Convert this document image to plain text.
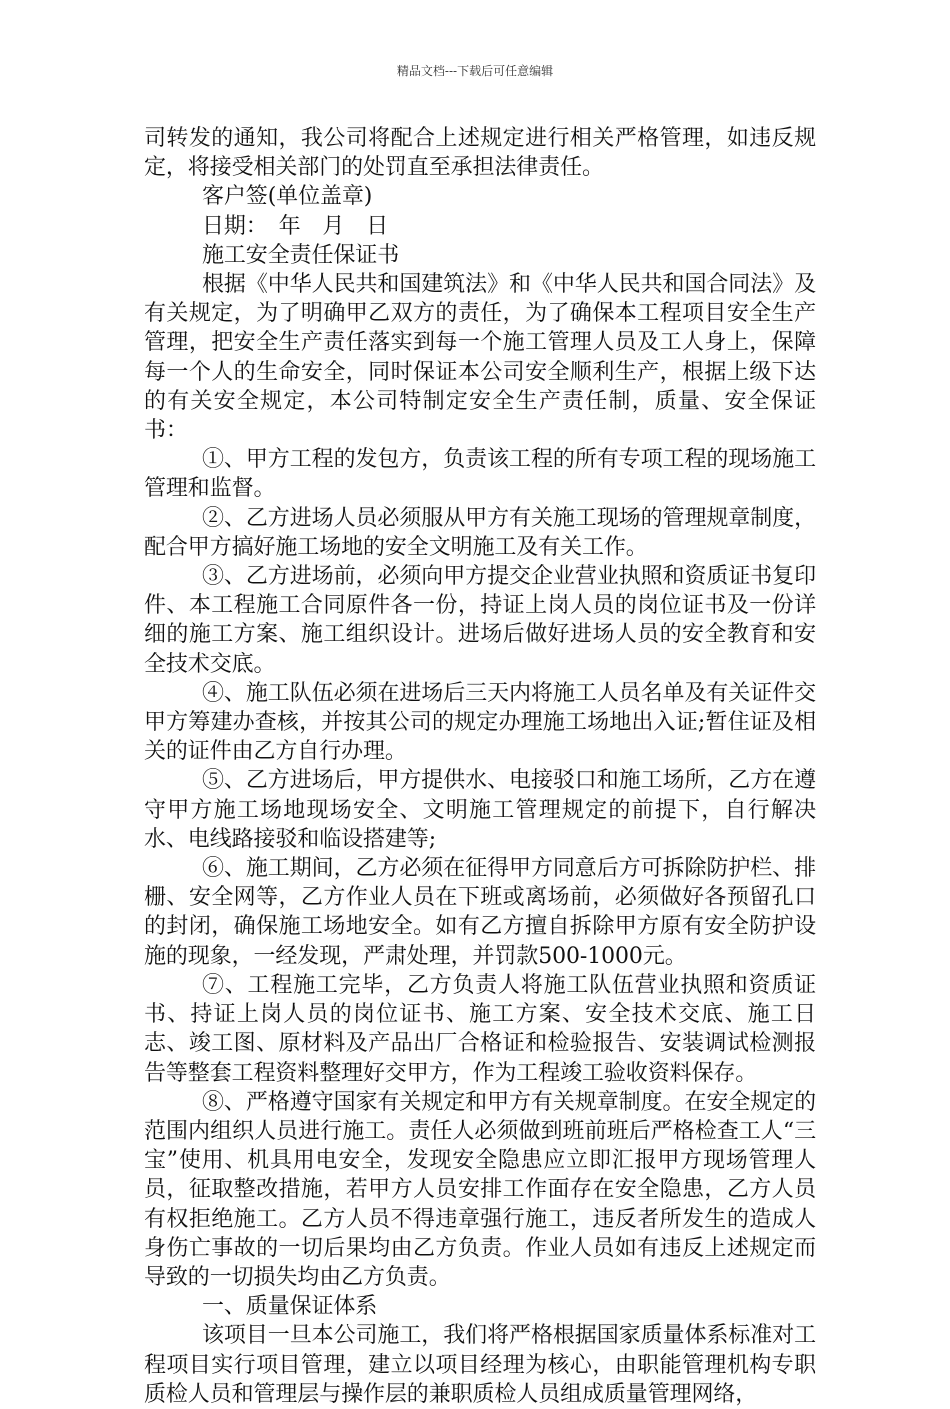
精品文档---下载后可任意编辑

司转发的通知，我公司将配合上述规定进行相关严格管理，如违反规定，将接受相关部门的处罚直至承担法律责任。

客户签(单位盖章)

日期：　年　月　日

施工安全责任保证书

根据《中华人民共和国建筑法》和《中华人民共和国合同法》及有关规定，为了明确甲乙双方的责任，为了确保本工程项目安全生产管理，把安全生产责任落实到每一个施工管理人员及工人身上，保障每一个人的生命安全，同时保证本公司安全顺利生产，根据上级下达的有关安全规定，本公司特制定安全生产责任制，质量、安全保证书：

①、甲方工程的发包方，负责该工程的所有专项工程的现场施工管理和监督。

②、乙方进场人员必须服从甲方有关施工现场的管理规章制度，配合甲方搞好施工场地的安全文明施工及有关工作。

③、乙方进场前，必须向甲方提交企业营业执照和资质证书复印件、本工程施工合同原件各一份，持证上岗人员的岗位证书及一份详细的施工方案、施工组织设计。进场后做好进场人员的安全教育和安全技术交底。

④、施工队伍必须在进场后三天内将施工人员名单及有关证件交甲方筹建办查核，并按其公司的规定办理施工场地出入证;暂住证及相关的证件由乙方自行办理。

⑤、乙方进场后，甲方提供水、电接驳口和施工场所，乙方在遵守甲方施工场地现场安全、文明施工管理规定的前提下，自行解决水、电线路接驳和临设搭建等;

⑥、施工期间，乙方必须在征得甲方同意后方可拆除防护栏、排栅、安全网等，乙方作业人员在下班或离场前，必须做好各预留孔口的封闭，确保施工场地安全。如有乙方擅自拆除甲方原有安全防护设施的现象，一经发现，严肃处理，并罚款500-1000元。

⑦、工程施工完毕，乙方负责人将施工队伍营业执照和资质证书、持证上岗人员的岗位证书、施工方案、安全技术交底、施工日志、竣工图、原材料及产品出厂合格证和检验报告、安装调试检测报告等整套工程资料整理好交甲方，作为工程竣工验收资料保存。

⑧、严格遵守国家有关规定和甲方有关规章制度。在安全规定的范围内组织人员进行施工。责任人必须做到班前班后严格检查工人“三宝”使用、机具用电安全，发现安全隐患应立即汇报甲方现场管理人员，征取整改措施，若甲方人员安排工作面存在安全隐患，乙方人员有权拒绝施工。乙方人员不得违章强行施工，违反者所发生的造成人身伤亡事故的一切后果均由乙方负责。作业人员如有违反上述规定而导致的一切损失均由乙方负责。

一、质量保证体系

该项目一旦本公司施工，我们将严格根据国家质量体系标准对工程项目实行项目管理，建立以项目经理为核心，由职能管理机构专职质检人员和管理层与操作层的兼职质检人员组成质量管理网络，
